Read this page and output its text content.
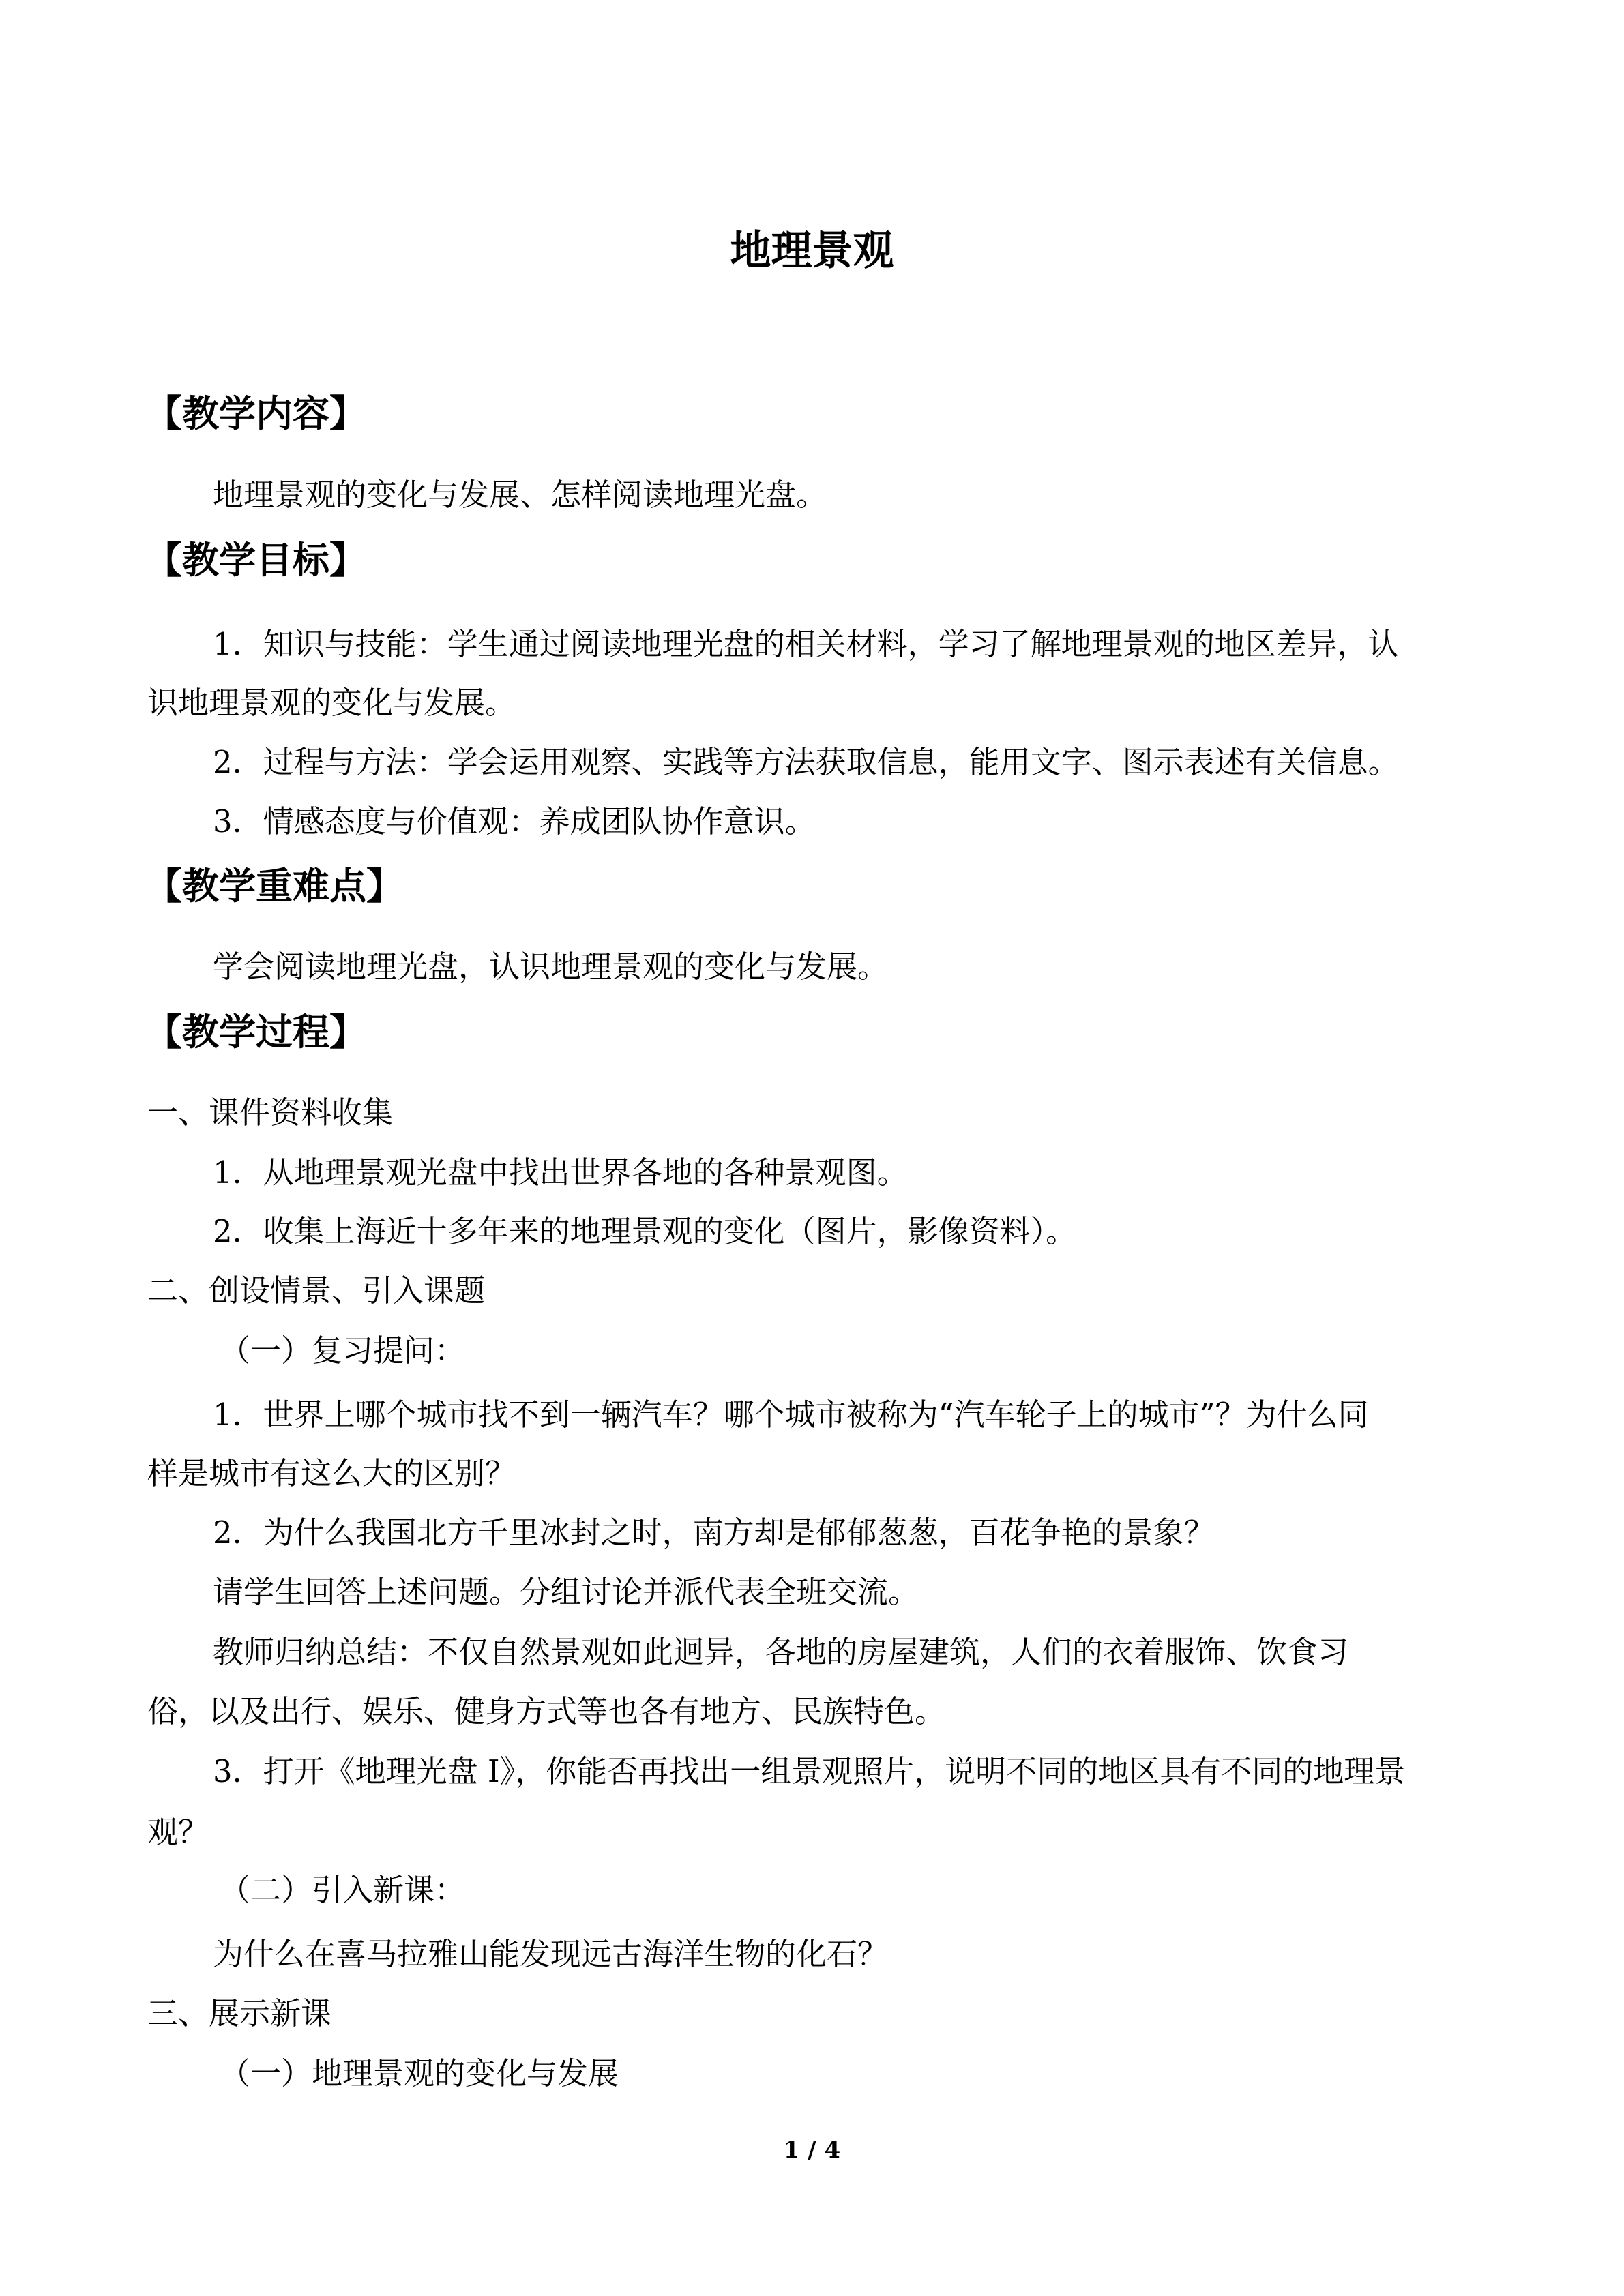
地理景观
【教学内容】
地理景观的变化与发展、怎样阅读地理光盘。
【教学目标】
1．知识与技能：学生通过阅读地理光盘的相关材料，学习了解地理景观的地区差异，认
识地理景观的变化与发展。
2．过程与方法：学会运用观察、实践等方法获取信息，能用文字、图示表述有关信息。
3．情感态度与价值观：养成团队协作意识。
【教学重难点】
学会阅读地理光盘，认识地理景观的变化与发展。
【教学过程】
一、课件资料收集
1．从地理景观光盘中找出世界各地的各种景观图。
2．收集上海近十多年来的地理景观的变化（图片，影像资料）。
二、创设情景、引入课题
（一）复习提问：
1．世界上哪个城市找不到一辆汽车？哪个城市被称为“汽车轮子上的城市”？为什么同
样是城市有这么大的区别？
2．为什么我国北方千里冰封之时，南方却是郁郁葱葱，百花争艳的景象？
请学生回答上述问题。分组讨论并派代表全班交流。
教师归纳总结：不仅自然景观如此迥异，各地的房屋建筑，人们的衣着服饰、饮食习
俗，以及出行、娱乐、健身方式等也各有地方、民族特色。
3．打开《地理光盘 I》，你能否再找出一组景观照片，说明不同的地区具有不同的地理景
观？
（二）引入新课：
为什么在喜马拉雅山能发现远古海洋生物的化石？
三、展示新课
（一）地理景观的变化与发展
1 / 4
